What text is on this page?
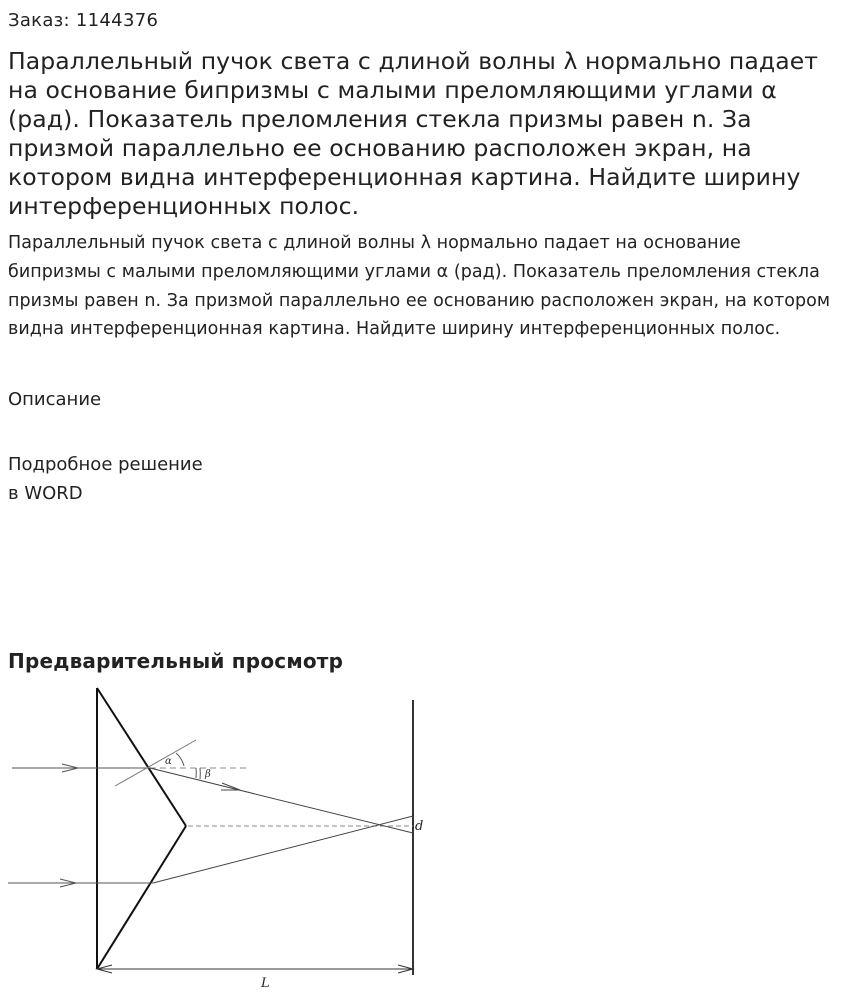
Заказ: 1144376
Параллельный пучок света с длиной волны λ нормально падает на основание бипризмы с малыми преломляющими углами α (рад). Показатель преломления стекла призмы равен n. За призмой параллельно ее основанию расположен экран, на котором видна интерференционная картина. Найдите ширину интерференционных полос.

Параллельный пучок света с длиной волны λ нормально падает на основание бипризмы с малыми преломляющими углами α (рад). Показатель преломления стекла призмы равен n. За призмой параллельно ее основанию расположен экран, на котором видна интерференционная картина. Найдите ширину интерференционных полос.

Описание
Подробное решение
в WORD
Предварительный просмотр
α
β
d
L
